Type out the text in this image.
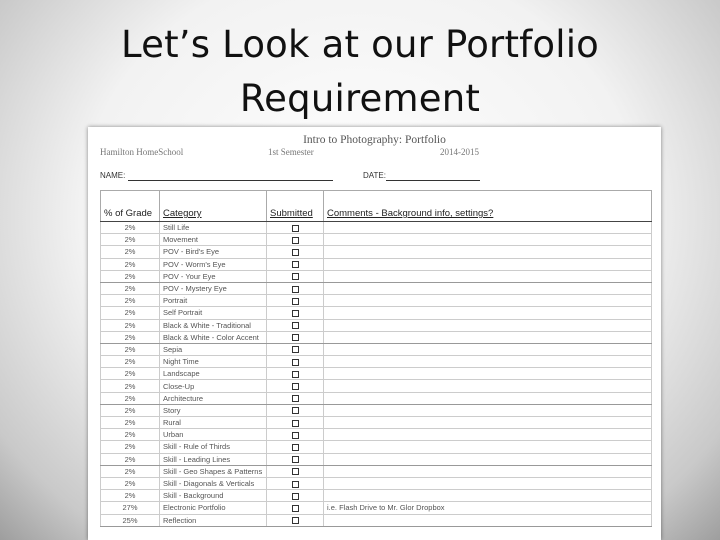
Let’s Look at our Portfolio
Requirement
Intro to Photography: Portfolio
Hamilton HomeSchool	1st Semester	2014-2015
NAME:	DATE:
% of Grade	Category	Submitted	Comments - Background info, settings?
2%	Still Life		
2%	Movement		
2%	POV - Bird's Eye		
2%	POV - Worm's Eye		
2%	POV - Your Eye		
2%	POV - Mystery Eye		
2%	Portrait		
2%	Self Portrait		
2%	Black & White - Traditional		
2%	Black & White - Color Accent		
2%	Sepia		
2%	Night Time		
2%	Landscape		
2%	Close-Up		
2%	Architecture		
2%	Story		
2%	Rural		
2%	Urban		
2%	Skill - Rule of Thirds		
2%	Skill - Leading Lines		
2%	Skill - Geo Shapes & Patterns		
2%	Skill - Diagonals & Verticals		
2%	Skill - Background		
27%	Electronic Portfolio		i.e. Flash Drive to Mr. Glor Dropbox
25%	Reflection		
